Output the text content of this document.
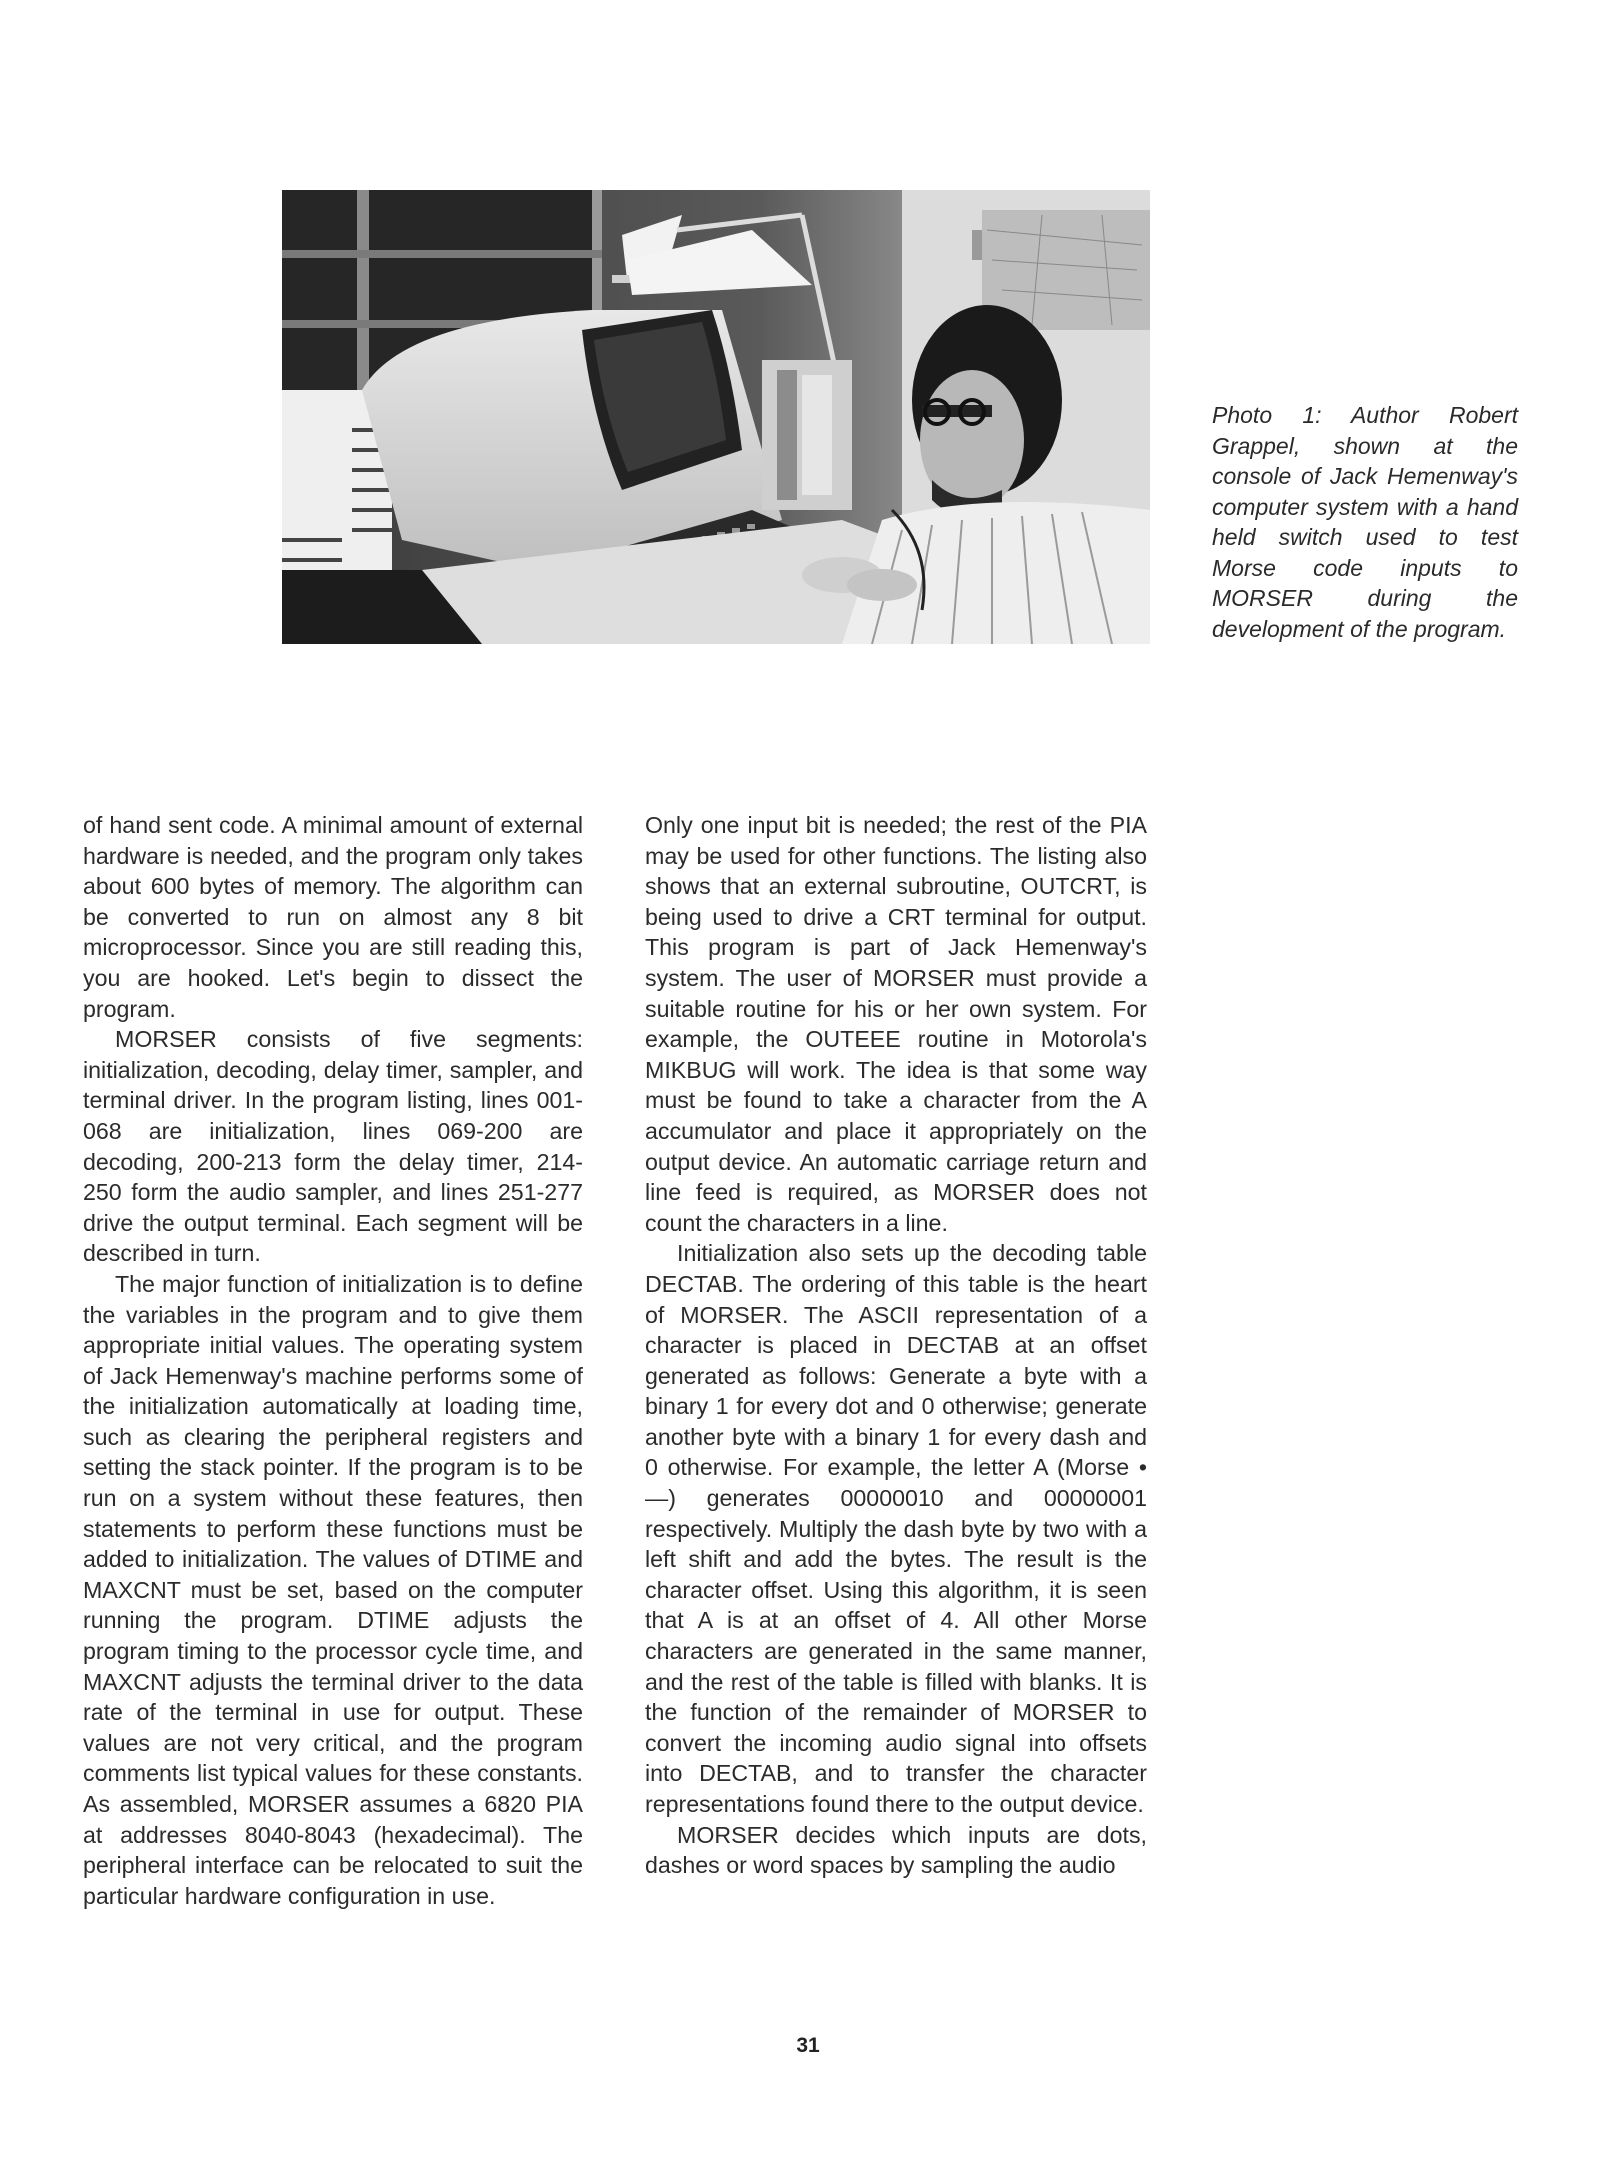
Photo 1: Author Robert Grappel, shown at the console of Jack Hemenway's computer system with a hand held switch used to test Morse code inputs to MORSER during the development of the program.

of hand sent code. A minimal amount of external hardware is needed, and the program only takes about 600 bytes of memory. The algorithm can be converted to run on almost any 8 bit microprocessor. Since you are still reading this, you are hooked. Let's begin to dissect the program.

MORSER consists of five segments: initialization, decoding, delay timer, sampler, and terminal driver. In the program listing, lines 001-068 are initialization, lines 069-200 are decoding, 200-213 form the delay timer, 214-250 form the audio sampler, and lines 251-277 drive the output terminal. Each segment will be described in turn.

The major function of initialization is to define the variables in the program and to give them appropriate initial values. The operating system of Jack Hemenway's machine performs some of the initialization automatically at loading time, such as clearing the peripheral registers and setting the stack pointer. If the program is to be run on a system without these features, then statements to perform these functions must be added to initialization. The values of DTIME and MAXCNT must be set, based on the computer running the program. DTIME adjusts the program timing to the processor cycle time, and MAXCNT adjusts the terminal driver to the data rate of the terminal in use for output. These values are not very critical, and the program comments list typical values for these constants. As assembled, MORSER assumes a 6820 PIA at addresses 8040-8043 (hexadecimal). The peripheral interface can be relocated to suit the particular hardware configuration in use.

Only one input bit is needed; the rest of the PIA may be used for other functions. The listing also shows that an external subroutine, OUTCRT, is being used to drive a CRT terminal for output. This program is part of Jack Hemenway's system. The user of MORSER must provide a suitable routine for his or her own system. For example, the OUTEEE routine in Motorola's MIKBUG will work. The idea is that some way must be found to take a character from the A accumulator and place it appropriately on the output device. An automatic carriage return and line feed is required, as MORSER does not count the characters in a line.

Initialization also sets up the decoding table DECTAB. The ordering of this table is the heart of MORSER. The ASCII representation of a character is placed in DECTAB at an offset generated as follows: Generate a byte with a binary 1 for every dot and 0 otherwise; generate another byte with a binary 1 for every dash and 0 otherwise. For example, the letter A (Morse • —) generates 00000010 and 00000001 respectively. Multiply the dash byte by two with a left shift and add the bytes. The result is the character offset. Using this algorithm, it is seen that A is at an offset of 4. All other Morse characters are generated in the same manner, and the rest of the table is filled with blanks. It is the function of the remainder of MORSER to convert the incoming audio signal into offsets into DECTAB, and to transfer the character representations found there to the output device.

MORSER decides which inputs are dots, dashes or word spaces by sampling the audio

31
